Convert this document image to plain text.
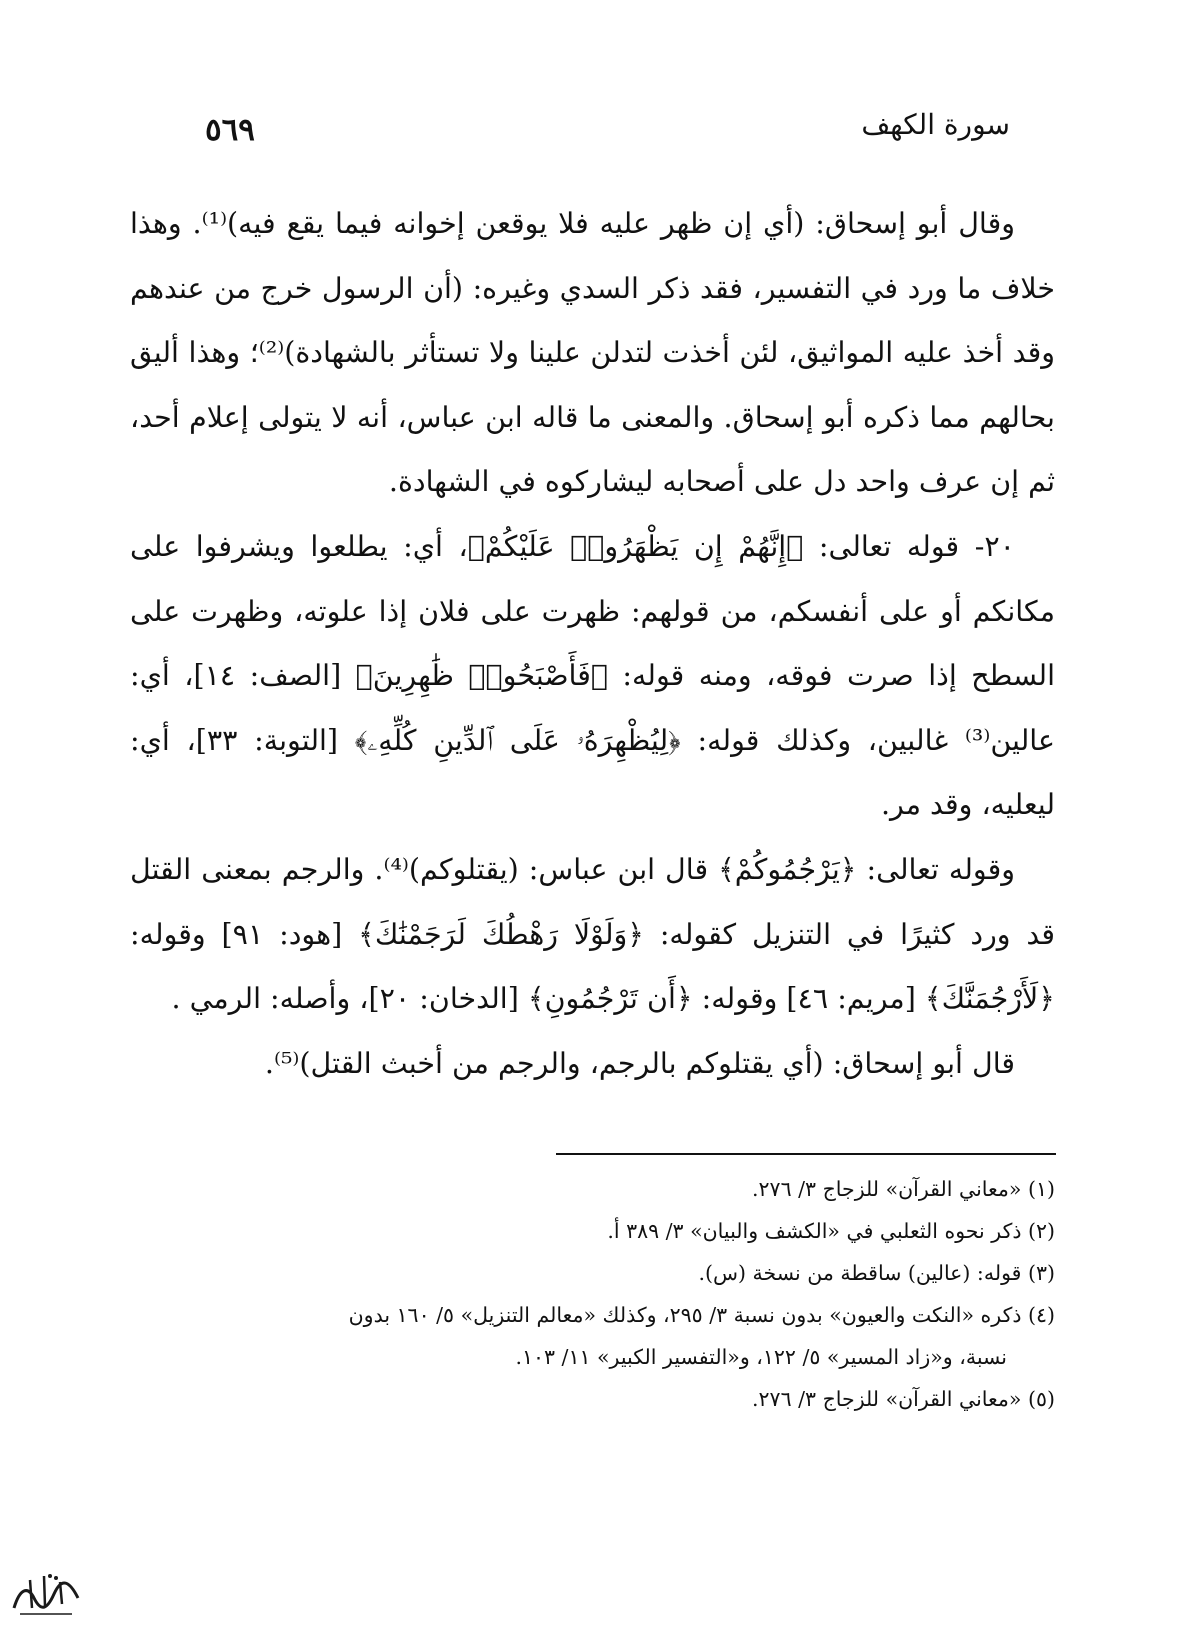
٥٦٩	سورة الكهف

وقال أبو إسحاق: (أي إن ظهر عليه فلا يوقعن إخوانه فيما يقع فيه)⁽¹⁾. وهذا خلاف ما ورد في التفسير، فقد ذكر السدي وغيره: (أن الرسول خرج من عندهم وقد أخذ عليه المواثيق، لئن أخذت لتدلن علينا ولا تستأثر بالشهادة)⁽²⁾؛ وهذا أليق بحالهم مما ذكره أبو إسحاق. والمعنى ما قاله ابن عباس، أنه لا يتولى إعلام أحد، ثم إن عرف واحد دل على أصحابه ليشاركوه في الشهادة.

٢٠- قوله تعالى: ﴿إِنَّهُمْ إِن يَظْهَرُوا۟ عَلَيْكُمْ﴾، أي: يطلعوا ويشرفوا على مكانكم أو على أنفسكم، من قولهم: ظهرت على فلان إذا علوته، وظهرت على السطح إذا صرت فوقه، ومنه قوله: ﴿فَأَصْبَحُوا۟ ظَٰهِرِينَ﴾ [الصف: ١٤]، أي: عالين⁽³⁾ غالبين، وكذلك قوله: ﴿لِيُظْهِرَهُۥ عَلَى ٱلدِّينِ كُلِّهِۦ﴾ [التوبة: ٣٣]، أي: ليعليه، وقد مر.

وقوله تعالى: ﴿يَرْجُمُوكُمْ﴾ قال ابن عباس: (يقتلوكم)⁽⁴⁾. والرجم بمعنى القتل قد ورد كثيرًا في التنزيل كقوله: ﴿وَلَوْلَا رَهْطُكَ لَرَجَمْنَٰكَ﴾ [هود: ٩١] وقوله: ﴿لَأَرْجُمَنَّكَ﴾ [مريم: ٤٦] وقوله: ﴿أَن تَرْجُمُونِ﴾ [الدخان: ٢٠]، وأصله: الرمي .

قال أبو إسحاق: (أي يقتلوكم بالرجم، والرجم من أخبث القتل)⁽⁵⁾.

(١) «معاني القرآن» للزجاج ٣/ ٢٧٦.

(٢) ذكر نحوه الثعلبي في «الكشف والبيان» ٣/ ٣٨٩ أ.

(٣) قوله: (عالين) ساقطة من نسخة (س).

(٤) ذكره «النكت والعيون» بدون نسبة ٣/ ٢٩٥، وكذلك «معالم التنزيل» ٥/ ١٦٠ بدون

نسبة، و«زاد المسير» ٥/ ١٢٢، و«التفسير الكبير» ١١/ ١٠٣.

(٥) «معاني القرآن» للزجاج ٣/ ٢٧٦.
